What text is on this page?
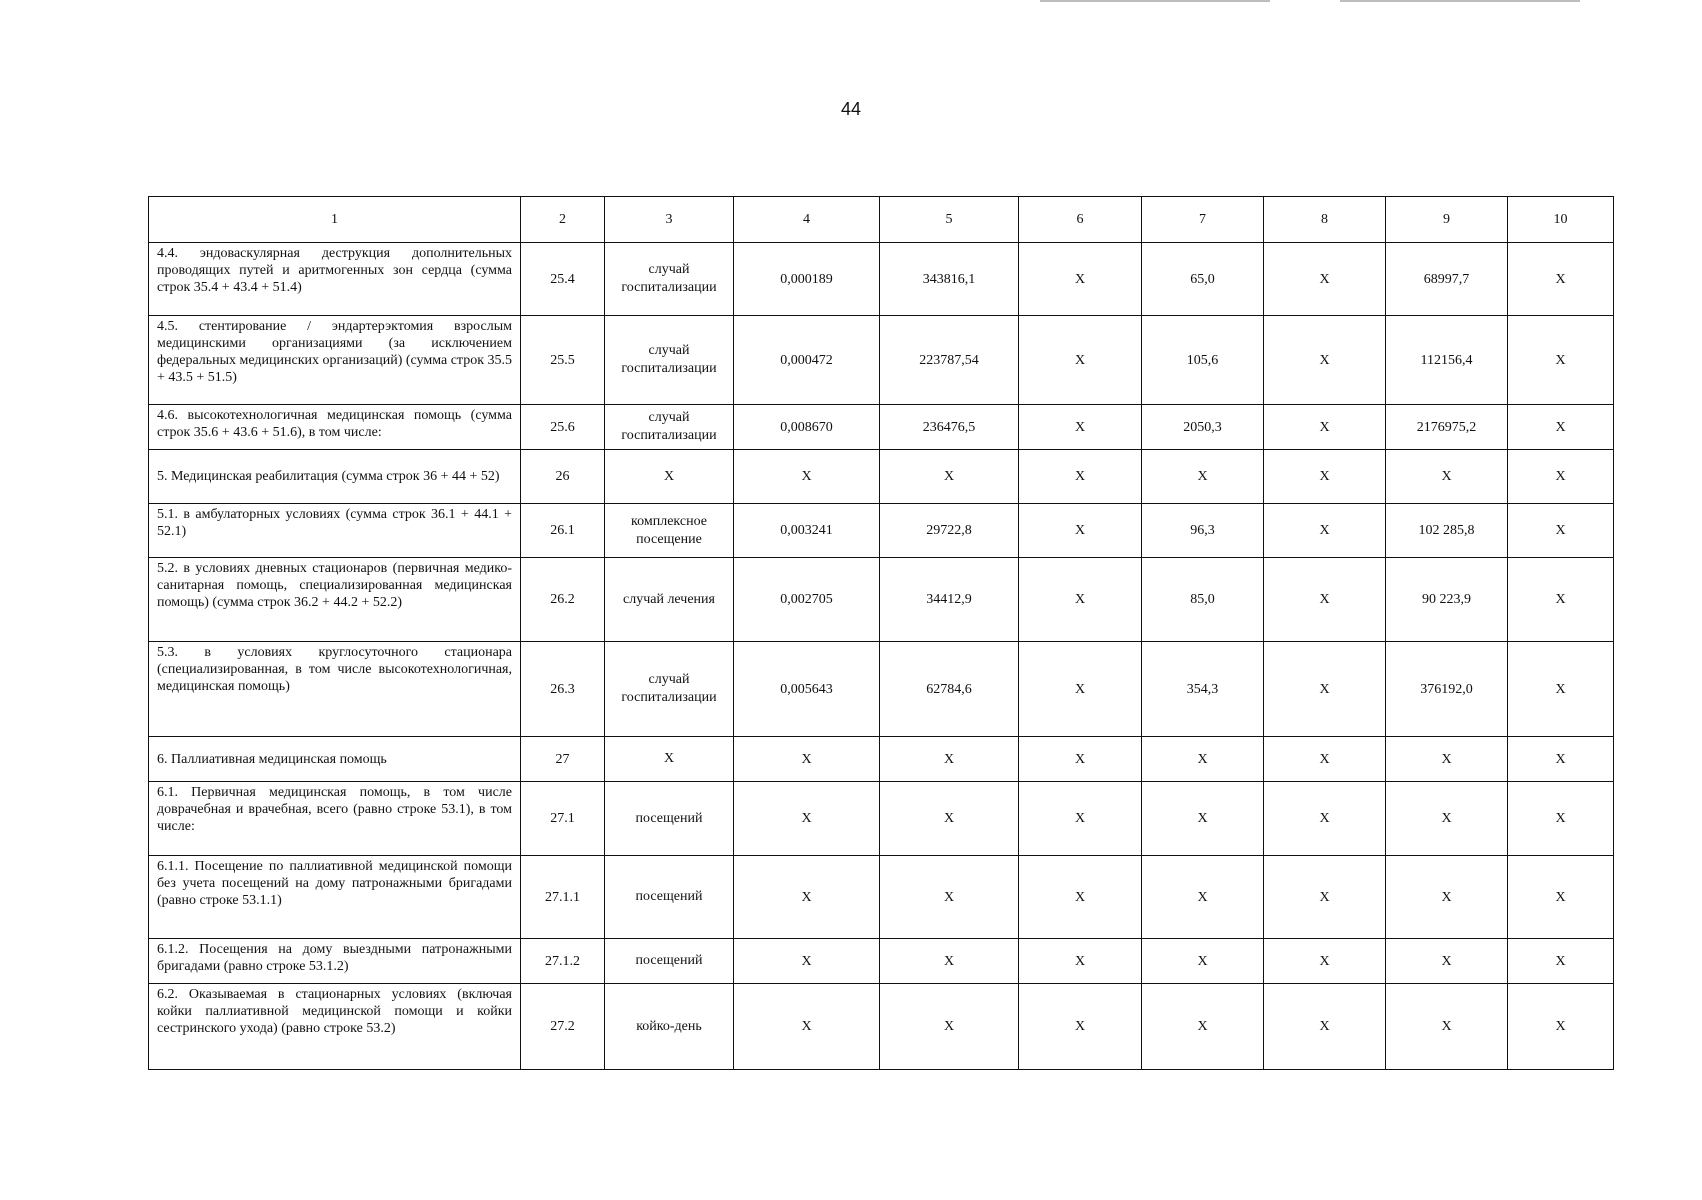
44
1	2	3	4	5	6	7	8	9	10
4.4. эндоваскулярная деструкция дополнительных проводящих путей и аритмогенных зон сердца (сумма строк 35.4 + 43.4 + 51.4)	25.4	случай госпитализации	0,000189	343816,1	X	65,0	X	68997,7	X
4.5. стентирование / эндартерэктомия взрослым медицинскими организациями (за исключением федеральных медицинских организаций) (сумма строк 35.5 + 43.5 + 51.5)	25.5	случай госпитализации	0,000472	223787,54	X	105,6	X	112156,4	X
4.6. высокотехнологичная медицинская помощь (сумма строк 35.6 + 43.6 + 51.6), в том числе:	25.6	случай госпитализации	0,008670	236476,5	X	2050,3	X	2176975,2	X
5. Медицинская реабилитация (сумма строк 36 + 44 + 52)	26	X	X	X	X	X	X	X	X
5.1. в амбулаторных условиях (сумма строк 36.1 + 44.1 + 52.1)	26.1	комплексное посещение	0,003241	29722,8	X	96,3	X	102 285,8	X
5.2. в условиях дневных стационаров (первичная медико-санитарная помощь, специализированная медицинская помощь) (сумма строк 36.2 + 44.2 + 52.2)	26.2	случай лечения	0,002705	34412,9	X	85,0	X	90 223,9	X
5.3. в условиях круглосуточного стационара (специализированная, в том числе высокотехнологичная, медицинская помощь)	26.3	случай госпитализации	0,005643	62784,6	X	354,3	X	376192,0	X
6. Паллиативная медицинская помощь	27	X	X	X	X	X	X	X	X
6.1. Первичная медицинская помощь, в том числе доврачебная и врачебная, всего (равно строке 53.1), в том числе:	27.1	посещений	X	X	X	X	X	X	X
6.1.1. Посещение по паллиативной медицинской помощи без учета посещений на дому патронажными бригадами (равно строке 53.1.1)	27.1.1	посещений	X	X	X	X	X	X	X
6.1.2. Посещения на дому выездными патронажными бригадами (равно строке 53.1.2)	27.1.2	посещений	X	X	X	X	X	X	X
6.2. Оказываемая в стационарных условиях (включая койки паллиативной медицинской помощи и койки сестринского ухода) (равно строке 53.2)	27.2	койко-день	X	X	X	X	X	X	X
